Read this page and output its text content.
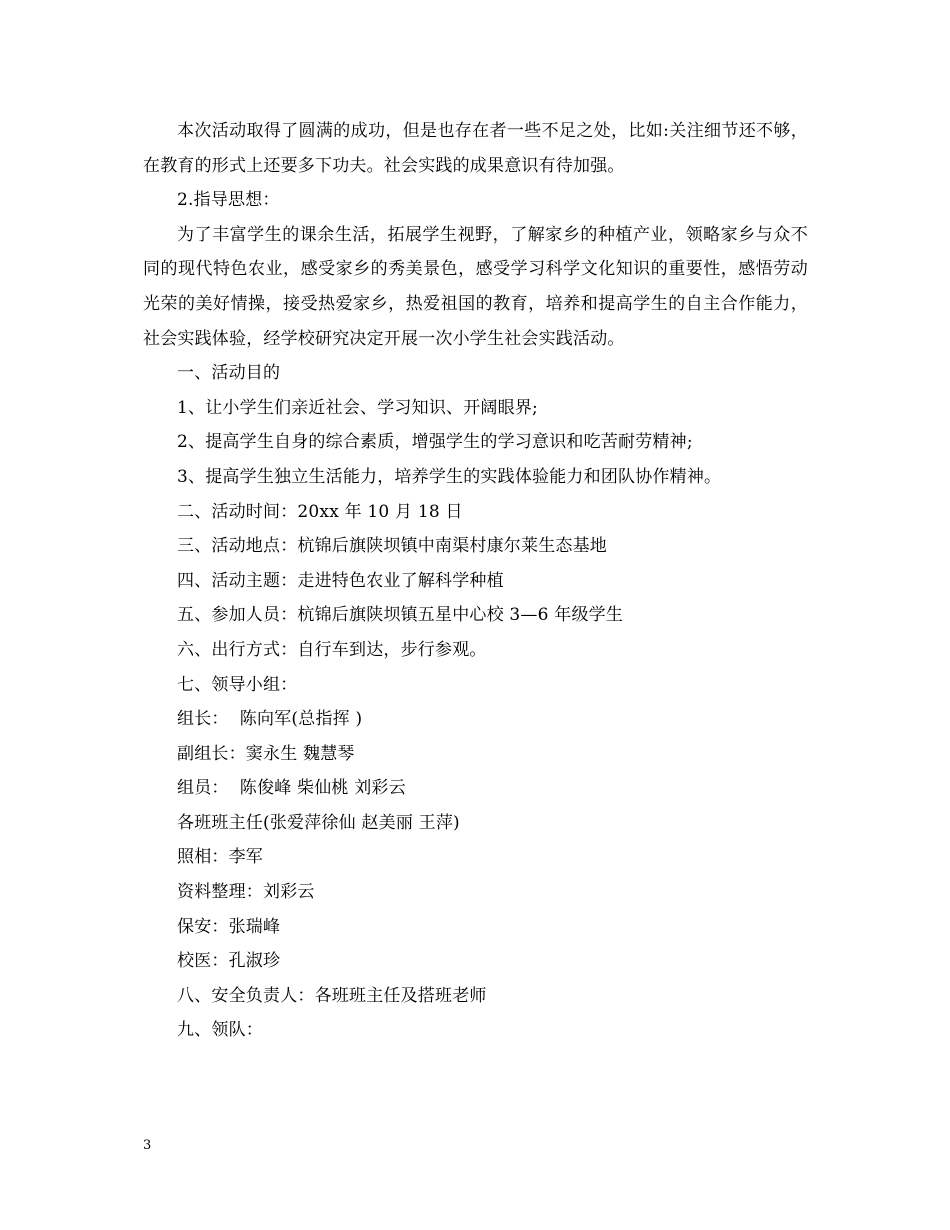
本次活动取得了圆满的成功，但是也存在者一些不足之处，比如:关注细节还不够，在教育的形式上还要多下功夫。社会实践的成果意识有待加强。

2.指导思想：

为了丰富学生的课余生活，拓展学生视野，了解家乡的种植产业，领略家乡与众不同的现代特色农业，感受家乡的秀美景色，感受学习科学文化知识的重要性，感悟劳动光荣的美好情操，接受热爱家乡，热爱祖国的教育，培养和提高学生的自主合作能力，社会实践体验，经学校研究决定开展一次小学生社会实践活动。

一、活动目的

1、让小学生们亲近社会、学习知识、开阔眼界;

2、提高学生自身的综合素质，增强学生的学习意识和吃苦耐劳精神;

3、提高学生独立生活能力，培养学生的实践体验能力和团队协作精神。

二、活动时间：20xx 年 10 月 18 日

三、活动地点：杭锦后旗陕坝镇中南渠村康尔莱生态基地

四、活动主题：走进特色农业了解科学种植

五、参加人员：杭锦后旗陕坝镇五星中心校 3—6 年级学生

六、出行方式：自行车到达，步行参观。

七、领导小组：

组长：  陈向军(总指挥 )

副组长：窦永生 魏慧琴

组员：  陈俊峰 柴仙桃 刘彩云

各班班主任(张爱萍徐仙 赵美丽 王萍)

照相：李军

资料整理：刘彩云

保安：张瑞峰

校医：孔淑珍

八、安全负责人：各班班主任及搭班老师

九、领队：

3
